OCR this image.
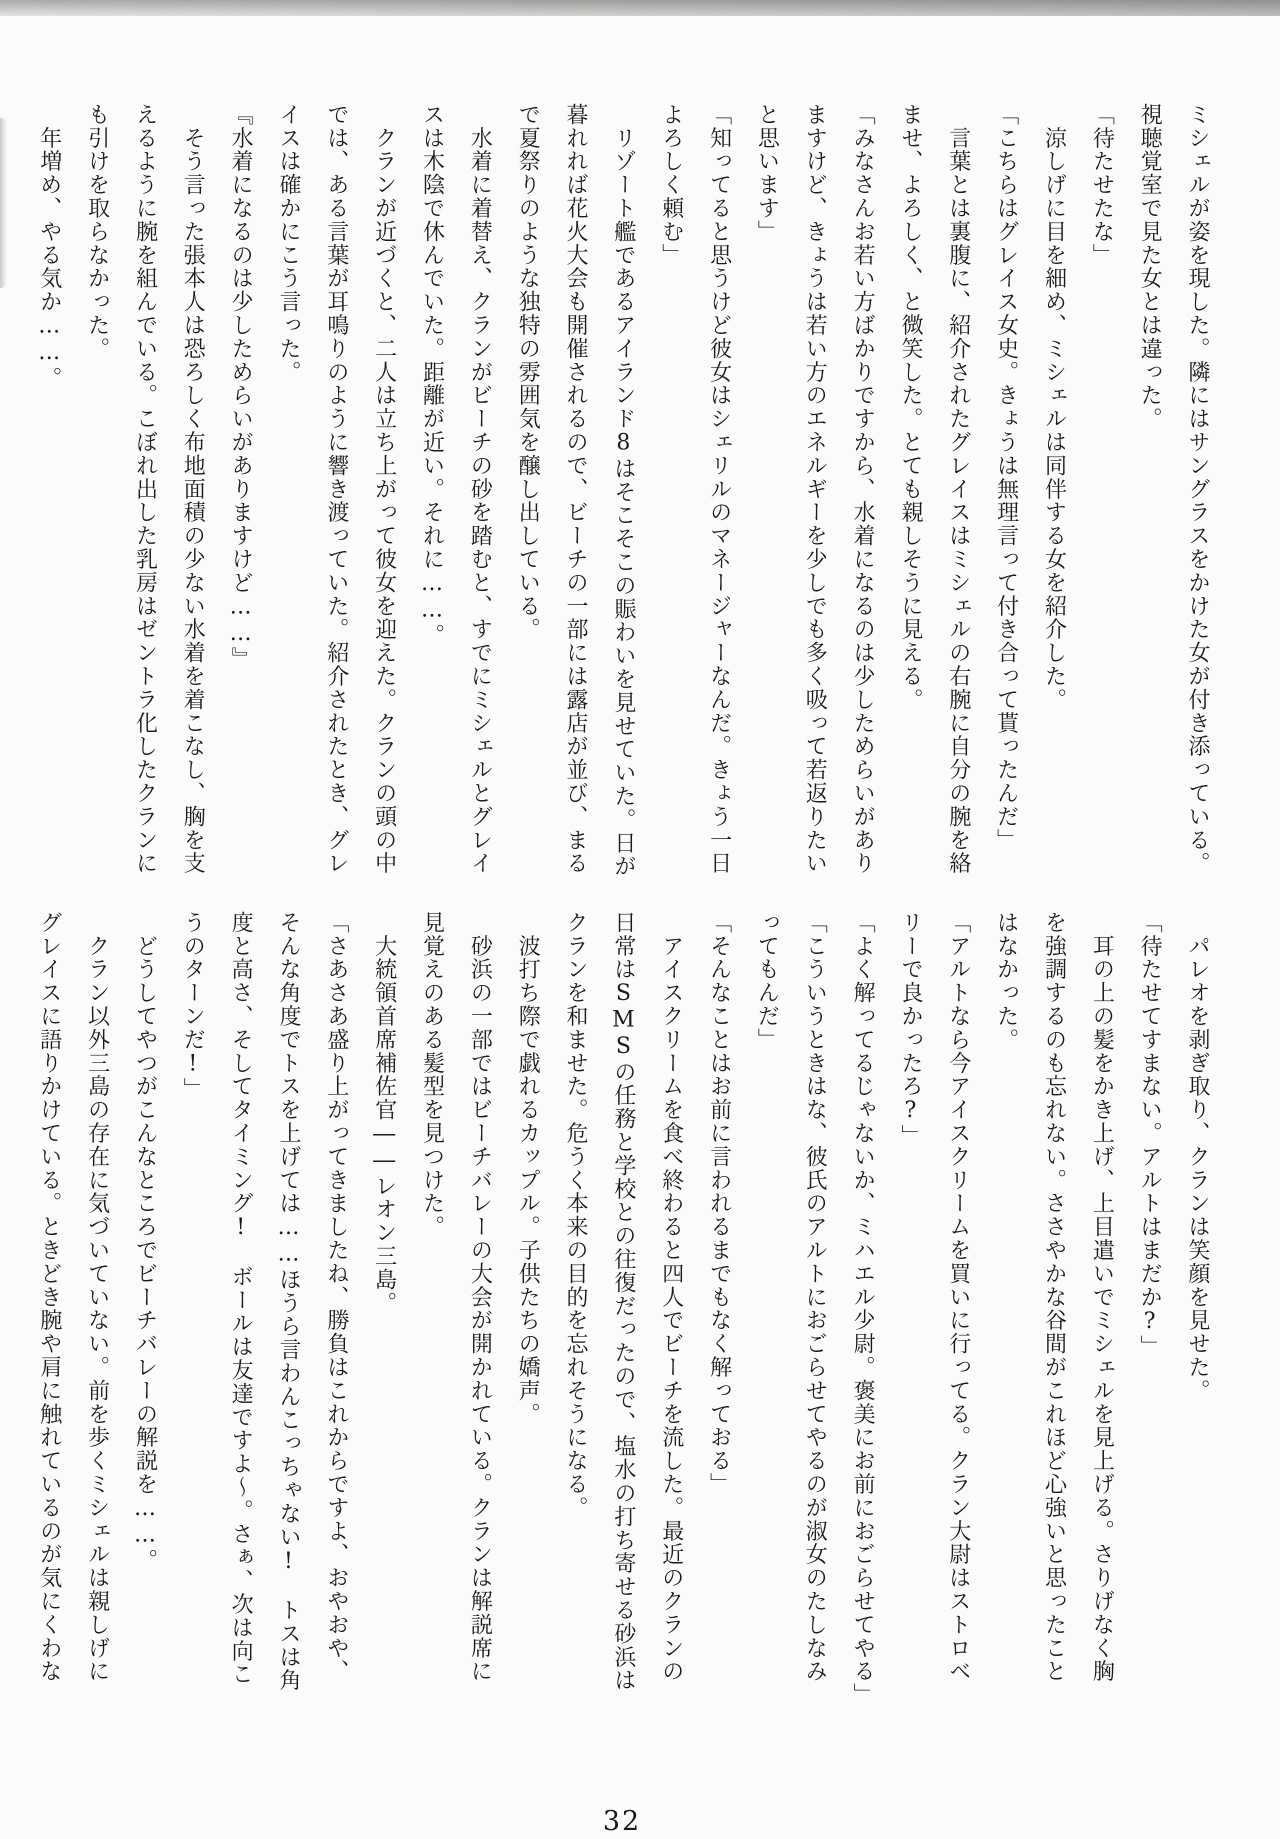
ミシェルが姿を現した。隣にはサングラスをかけた女が付き添っている。

視聴覚室で見た女とは違った。

「待たせたな」

　涼しげに目を細め、ミシェルは同伴する女を紹介した。

「こちらはグレイス女史。きょうは無理言って付き合って貰ったんだ」

　言葉とは裏腹に、紹介されたグレイスはミシェルの右腕に自分の腕を絡

ませ、よろしく、と微笑した。とても親しそうに見える。

「みなさんお若い方ばかりですから、水着になるのは少しためらいがあり

ますけど、きょうは若い方のエネルギーを少しでも多く吸って若返りたい

と思います」

「知ってると思うけど彼女はシェリルのマネージャーなんだ。きょう一日

よろしく頼む」

　リゾート艦であるアイランド8はそこそこの賑わいを見せていた。日が

暮れれば花火大会も開催されるので、ビーチの一部には露店が並び、まる

で夏祭りのような独特の雰囲気を醸し出している。

　水着に着替え、クランがビーチの砂を踏むと、すでにミシェルとグレイ

スは木陰で休んでいた。距離が近い。それに……。

　クランが近づくと、二人は立ち上がって彼女を迎えた。クランの頭の中

では、ある言葉が耳鳴りのように響き渡っていた。紹介されたとき、グレ

イスは確かにこう言った。

『水着になるのは少しためらいがありますけど……』

　そう言った張本人は恐ろしく布地面積の少ない水着を着こなし、胸を支

えるように腕を組んでいる。こぼれ出した乳房はゼントラ化したクランに

も引けを取らなかった。

　年増め、やる気か……。

　パレオを剥ぎ取り、クランは笑顔を見せた。

「待たせてすまない。アルトはまだか?」

　耳の上の髪をかき上げ、上目遣いでミシェルを見上げる。さりげなく胸

を強調するのも忘れない。ささやかな谷間がこれほど心強いと思ったこと

はなかった。

「アルトなら今アイスクリームを買いに行ってる。クラン大尉はストロベ

リーで良かったろ?」

「よく解ってるじゃないか、ミハエル少尉。褒美にお前におごらせてやる」

「こういうときはな、彼氏のアルトにおごらせてやるのが淑女のたしなみ

ってもんだ」

「そんなことはお前に言われるまでもなく解っておる」

　アイスクリームを食べ終わると四人でビーチを流した。最近のクランの

日常はSMSの任務と学校との往復だったので、塩水の打ち寄せる砂浜は

クランを和ませた。危うく本来の目的を忘れそうになる。

　波打ち際で戯れるカップル。子供たちの嬌声。

　砂浜の一部ではビーチバレーの大会が開かれている。クランは解説席に

見覚えのある髪型を見つけた。

　大統領首席補佐官――レオン三島。

「さあさあ盛り上がってきましたね、勝負はこれからですよ、おやおや、

そんな角度でトスを上げては……ほうら言わんこっちゃない!　トスは角

度と高さ、そしてタイミング!　ボールは友達ですよ〜。さぁ、次は向こ

うのターンだ!」

　どうしてやつがこんなところでビーチバレーの解説を……。

　クラン以外三島の存在に気づいていない。前を歩くミシェルは親しげに

グレイスに語りかけている。ときどき腕や肩に触れているのが気にくわな

32
